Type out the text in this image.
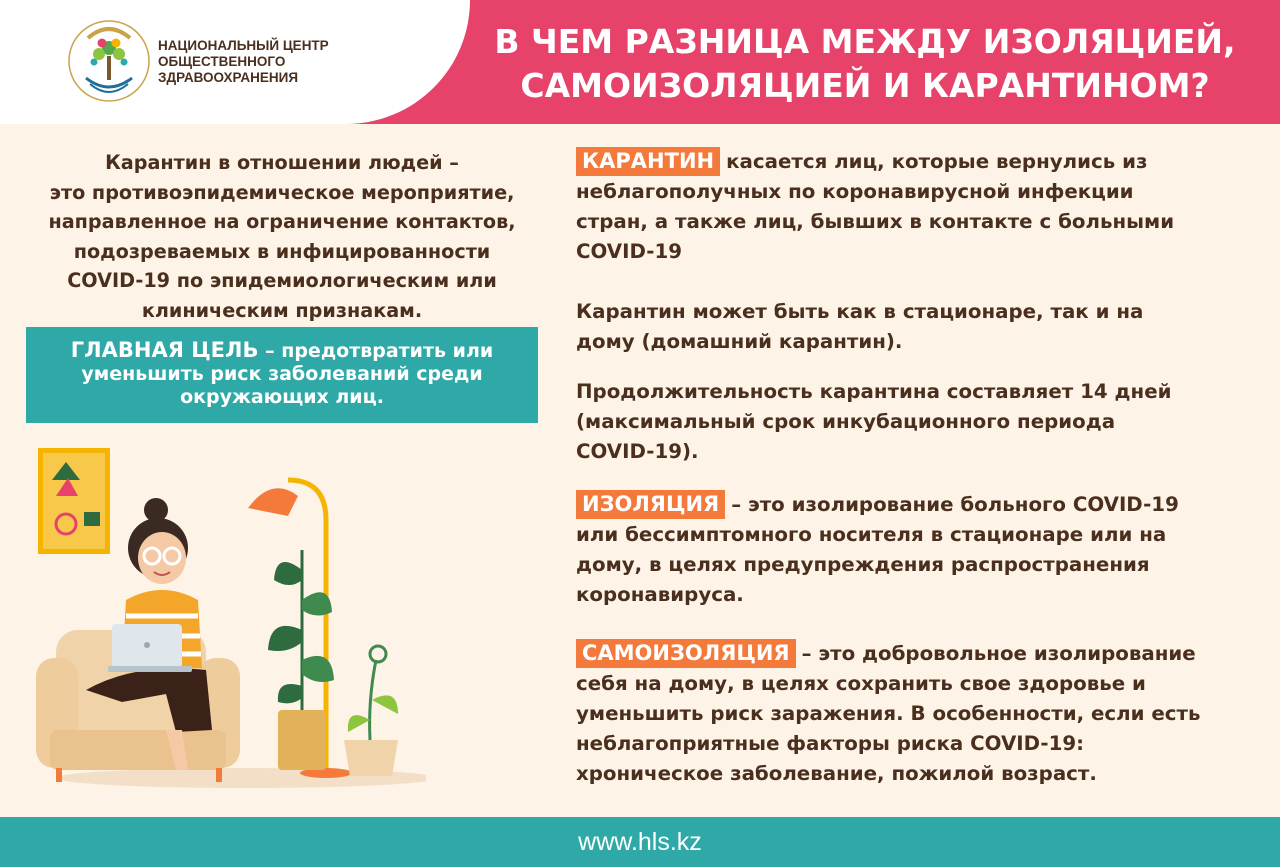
НАЦИОНАЛЬНЫЙ ЦЕНТР
ОБЩЕСТВЕННОГО
ЗДРАВООХРАНЕНИЯ
В ЧЕМ РАЗНИЦА МЕЖДУ ИЗОЛЯЦИЕЙ,
САМОИЗОЛЯЦИЕЙ И КАРАНТИНОМ?
Карантин в отношении людей –
это противоэпидемическое мероприятие,
направленное на ограничение контактов,
подозреваемых в инфицированности
COVID-19 по эпидемиологическим или
клиническим признакам.
ГЛАВНАЯ ЦЕЛЬ – предотвратить или
уменьшить риск заболеваний среди
окружающих лиц.
КАРАНТИН касается лиц, которые вернулись из
неблагополучных по коронавирусной инфекции
стран, а также лиц, бывших в контакте с больными
COVID-19
Карантин может быть как в стационаре, так и на
дому (домашний карантин).
Продолжительность карантина составляет 14 дней
(максимальный срок инкубационного периода
COVID-19).
ИЗОЛЯЦИЯ – это изолирование больного COVID-19
или бессимптомного носителя в стационаре или на
дому, в целях предупреждения распространения
коронавируса.
САМОИЗОЛЯЦИЯ – это добровольное изолирование
себя на дому, в целях сохранить свое здоровье и
уменьшить риск заражения. В особенности, если есть
неблагоприятные факторы риска COVID-19:
хроническое заболевание, пожилой возраст.
www.hls.kz
